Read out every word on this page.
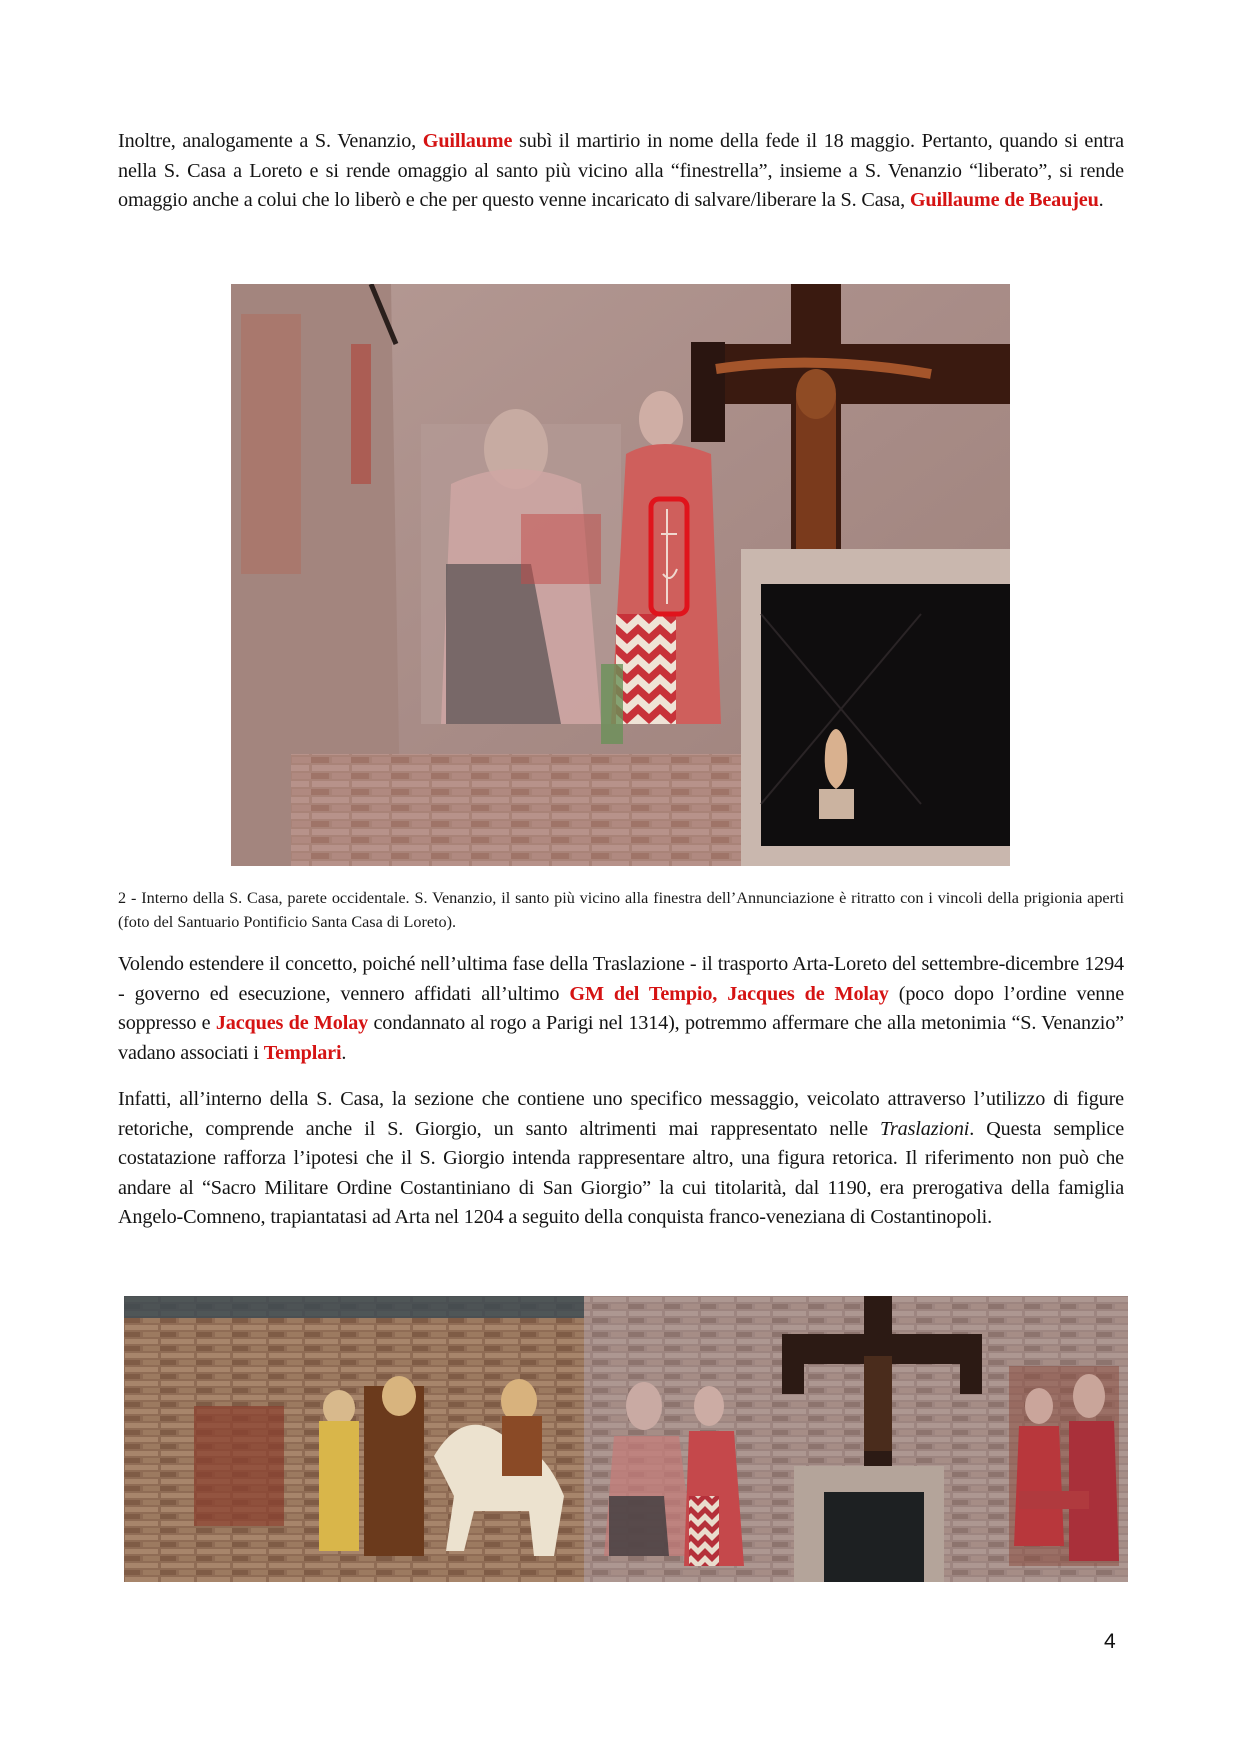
Inoltre, analogamente a S. Venanzio, Guillaume subì il martirio in nome della fede il 18 maggio. Pertanto, quando si entra nella S. Casa a Loreto e si rende omaggio al santo più vicino alla “finestrella”, insieme a S. Venanzio “liberato”, si rende omaggio anche a colui che lo liberò e che per questo venne incaricato di salvare/liberare la S. Casa, Guillaume de Beaujeu.

2 - Interno della S. Casa, parete occidentale. S. Venanzio, il santo più vicino alla finestra dell’Annunciazione è ritratto con i vincoli della prigionia aperti (foto del Santuario Pontificio Santa Casa di Loreto).

Volendo estendere il concetto, poiché nell’ultima fase della Traslazione - il trasporto Arta-Loreto del settembre-dicembre 1294 - governo ed esecuzione, vennero affidati all’ultimo GM del Tempio, Jacques de Molay (poco dopo l’ordine venne soppresso e Jacques de Molay condannato al rogo a Parigi nel 1314), potremmo affermare che alla metonimia “S. Venanzio” vadano associati i Templari.

Infatti, all’interno della S. Casa, la sezione che contiene uno specifico messaggio, veicolato attraverso l’utilizzo di figure retoriche, comprende anche il S. Giorgio, un santo altrimenti mai rappresentato nelle Traslazioni. Questa semplice costatazione rafforza l’ipotesi che il S. Giorgio intenda rappresentare altro, una figura retorica. Il riferimento non può che andare al “Sacro Militare Ordine Costantiniano di San Giorgio” la cui titolarità, dal 1190, era prerogativa della famiglia Angelo-Comneno, trapiantatasi ad Arta nel 1204 a seguito della conquista franco-veneziana di Costantinopoli.

4
